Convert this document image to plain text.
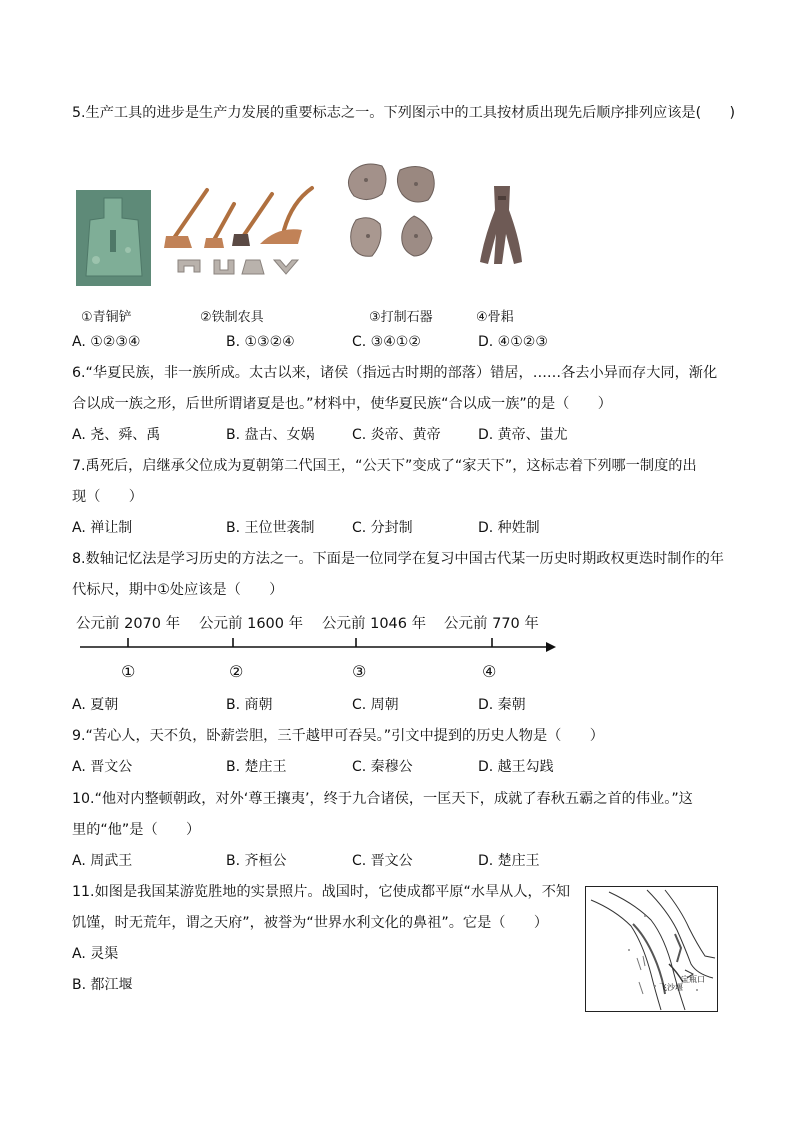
5.生产工具的进步是生产力发展的重要标志之一。下列图示中的工具按材质出现先后顺序排列应该是(　　)
①青铜铲	②铁制农具	③打制石器	④骨耜
A. ①②③④	B. ①③②④	C. ③④①②	D. ④①②③
6.“华夏民族，非一族所成。太古以来，诸侯（指远古时期的部落）错居，……各去小异而存大同，渐化
合以成一族之形，后世所谓诸夏是也。”材料中，使华夏民族“合以成一族”的是（　　）
A. 尧、舜、禹	B. 盘古、女娲	C. 炎帝、黄帝	D. 黄帝、蚩尤
7.禹死后，启继承父位成为夏朝第二代国王，“公天下”变成了“家天下”，这标志着下列哪一制度的出
现（　　）
A. 禅让制	B. 王位世袭制	C. 分封制	D. 种姓制
8.数轴记忆法是学习历史的方法之一。下面是一位同学在复习中国古代某一历史时期政权更迭时制作的年
代标尺，期中①处应该是（　　）
公元前 2070 年 公元前 1600 年 公元前 1046 年 公元前 770 年
①	②	③	④
A. 夏朝	B. 商朝	C. 周朝	D. 秦朝
9.“苦心人，天不负，卧薪尝胆，三千越甲可吞吴。”引文中提到的历史人物是（　　）
A. 晋文公	B. 楚庄王	C. 秦穆公	D. 越王勾践
10.“他对内整顿朝政，对外‘尊王攘夷’，终于九合诸侯，一匡天下，成就了春秋五霸之首的伟业。”这
里的“他”是（　　）
A. 周武王	B. 齐桓公	C. 晋文公	D. 楚庄王
11.如图是我国某游览胜地的实景照片。战国时，它使成都平原“水旱从人，不知
饥馑，时无荒年，谓之天府”，被誉为“世界水利文化的鼻祖”。它是（　　）
A. 灵渠
B. 都江堰	飞沙堰
宝瓶口
